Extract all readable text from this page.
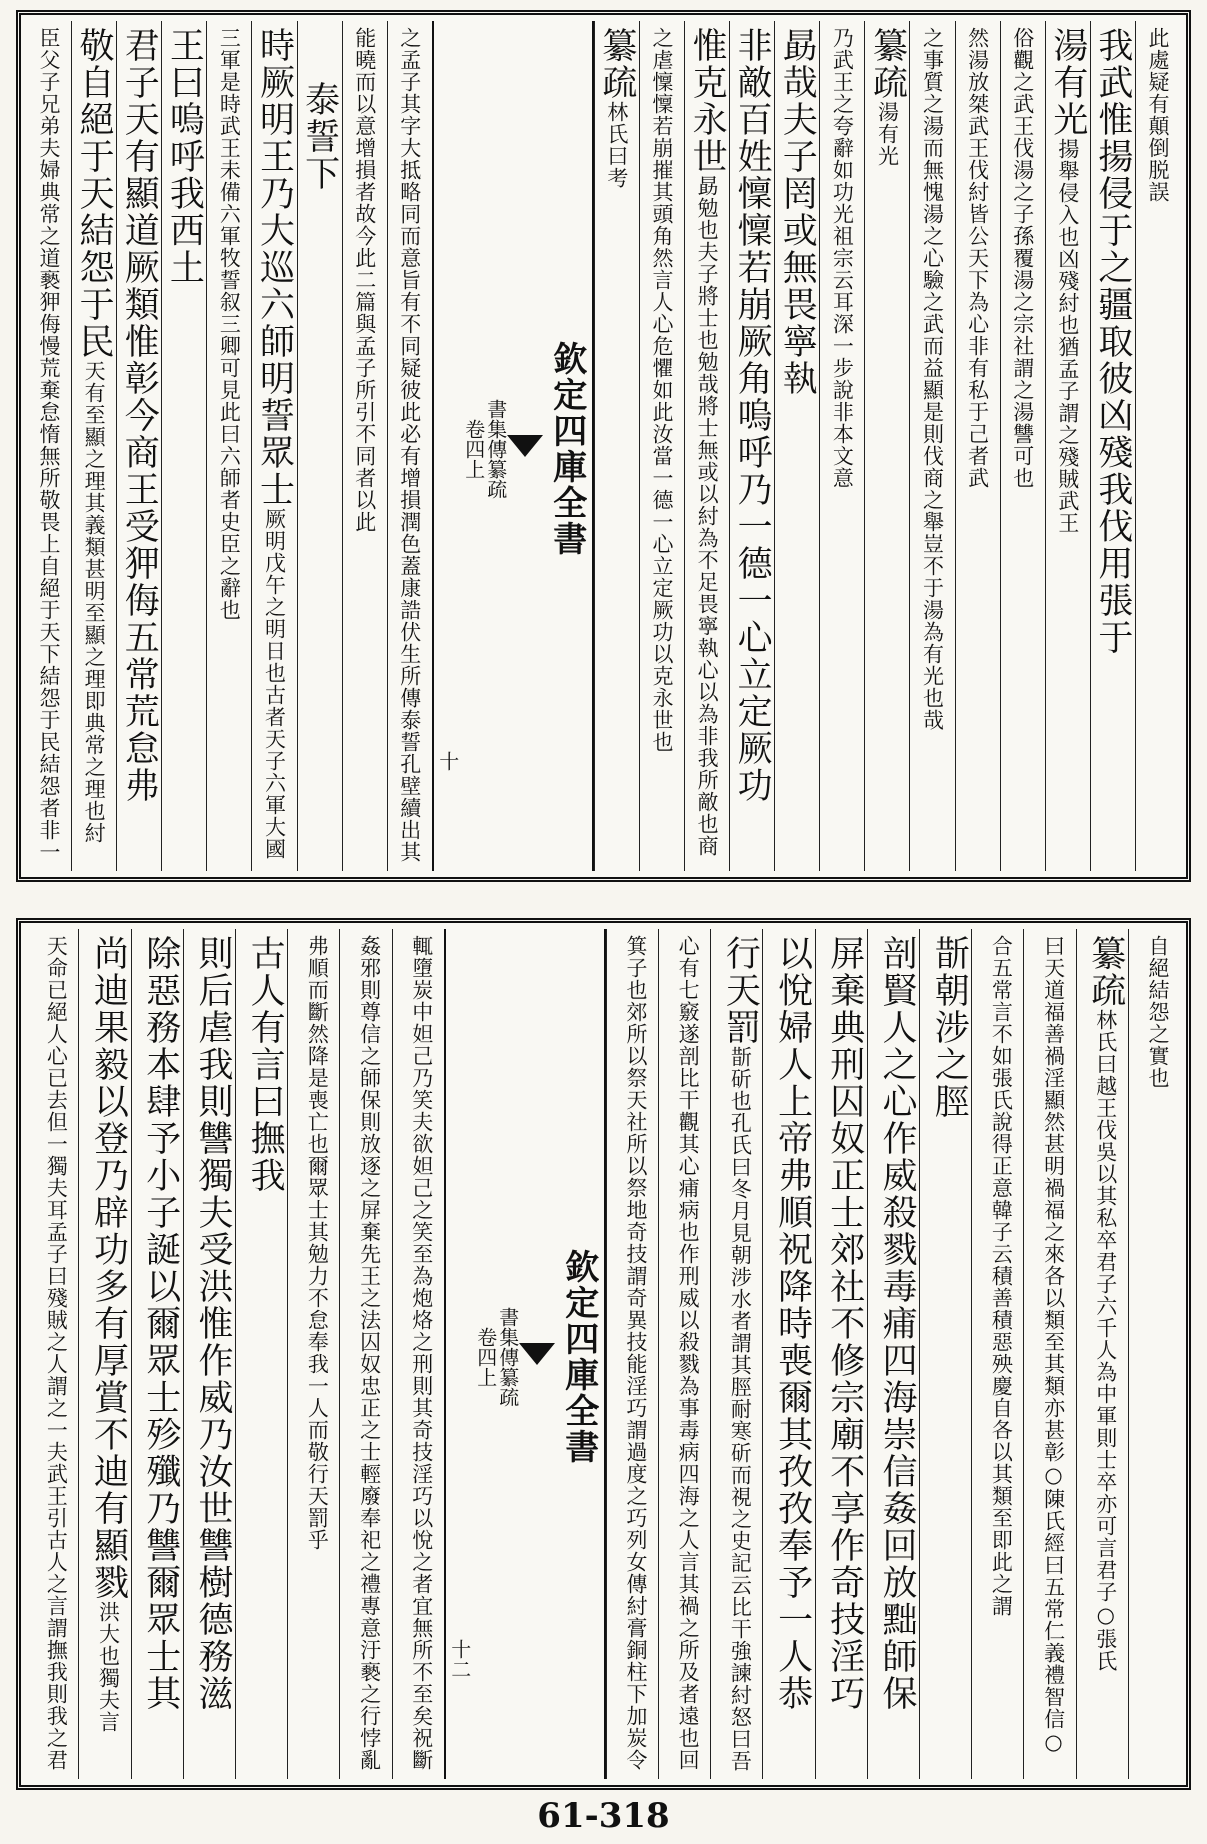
此處疑有顛倒脱誤
我武惟揚侵于之疆取彼凶殘我伐用張于
湯有光揚舉侵入也凶殘紂也猶孟子謂之殘賊武王
俗觀之武王伐湯之子孫覆湯之宗社謂之湯讐可也
然湯放桀武王伐紂皆公天下為心非有私于己者武
之事質之湯而無愧湯之心驗之武而益顯是則伐商之舉豈不于湯為有光也哉
纂疏湯有光
乃武王之夸辭如功光祖宗云耳深一步說非本文意
勗哉夫子罔或無畏寧執
非敵百姓懍懍若崩厥角嗚呼乃一德一心立定厥功
惟克永世勗勉也夫子將士也勉哉將士無或以紂為不足畏寧執心以為非我所敵也商
之虐懍懍若崩摧其頭角然言人心危懼如此汝當一德一心立定厥功以克永世也
纂疏林氏曰考
欽定四庫全書
書集傳纂疏
卷四上
十
之孟子其字大抵略同而意旨有不同疑彼此必有增損潤色蓋康誥伏生所傳泰誓孔壁續出其
能曉而以意增損者故今此二篇與孟子所引不同者以此
泰誓下
時厥明王乃大巡六師明誓眾士厥明戊午之明日也古者天子六軍大國
三軍是時武王未備六軍牧誓叙三卿可見此曰六師者史臣之辭也
王曰嗚呼我西土
君子天有顯道厥類惟彰今商王受狎侮五常荒怠弗
敬自絕于天結怨于民天有至顯之理其義類甚明至顯之理即典常之理也紂
臣父子兄弟夫婦典常之道褻狎侮慢荒棄怠惰無所敬畏上自絕于天下結怨于民結怨者非一
自絕結怨之實也
纂疏林氏曰越王伐吳以其私卒君子六千人為中軍則士卒亦可言君子○張氏
曰天道福善禍淫顯然甚明禍福之來各以類至其類亦甚彰○陳氏經曰五常仁義禮智信○
合五常言不如張氏說得正意韓子云積善積惡殃慶自各以其類至即此之謂
斮朝涉之脛
剖賢人之心作威殺戮毒痡四海崇信姦回放黜師保
屏棄典刑囚奴正士郊社不修宗廟不享作奇技淫巧
以悅婦人上帝弗順祝降時喪爾其孜孜奉予一人恭
行天罰斮斫也孔氏曰冬月見朝涉水者謂其脛耐寒斫而視之史記云比干強諫紂怒曰吾
心有七竅遂剖比干觀其心痡病也作刑威以殺戮為事毒病四海之人言其禍之所及者遠也回
箕子也郊所以祭天社所以祭地奇技謂奇異技能淫巧謂過度之巧列女傳紂膏銅柱下加炭令
欽定四庫全書
書集傳纂疏
卷四上
十二
輒墮炭中妲己乃笑夫欲妲己之笑至為炮烙之刑則其奇技淫巧以悅之者宜無所不至矣祝斷
姦邪則尊信之師保則放逐之屏棄先王之法囚奴忠正之士輕廢奉祀之禮專意汙褻之行悖亂
弗順而斷然降是喪亡也爾眾士其勉力不怠奉我一人而敬行天罰乎
古人有言曰撫我
則后虐我則讐獨夫受洪惟作威乃汝世讐樹德務滋
除惡務本肆予小子誕以爾眾士殄殲乃讐爾眾士其
尚迪果毅以登乃辟功多有厚賞不迪有顯戮洪大也獨夫言
天命已絕人心已去但一獨夫耳孟子曰殘賊之人謂之一夫武王引古人之言謂撫我則我之君
61-318
